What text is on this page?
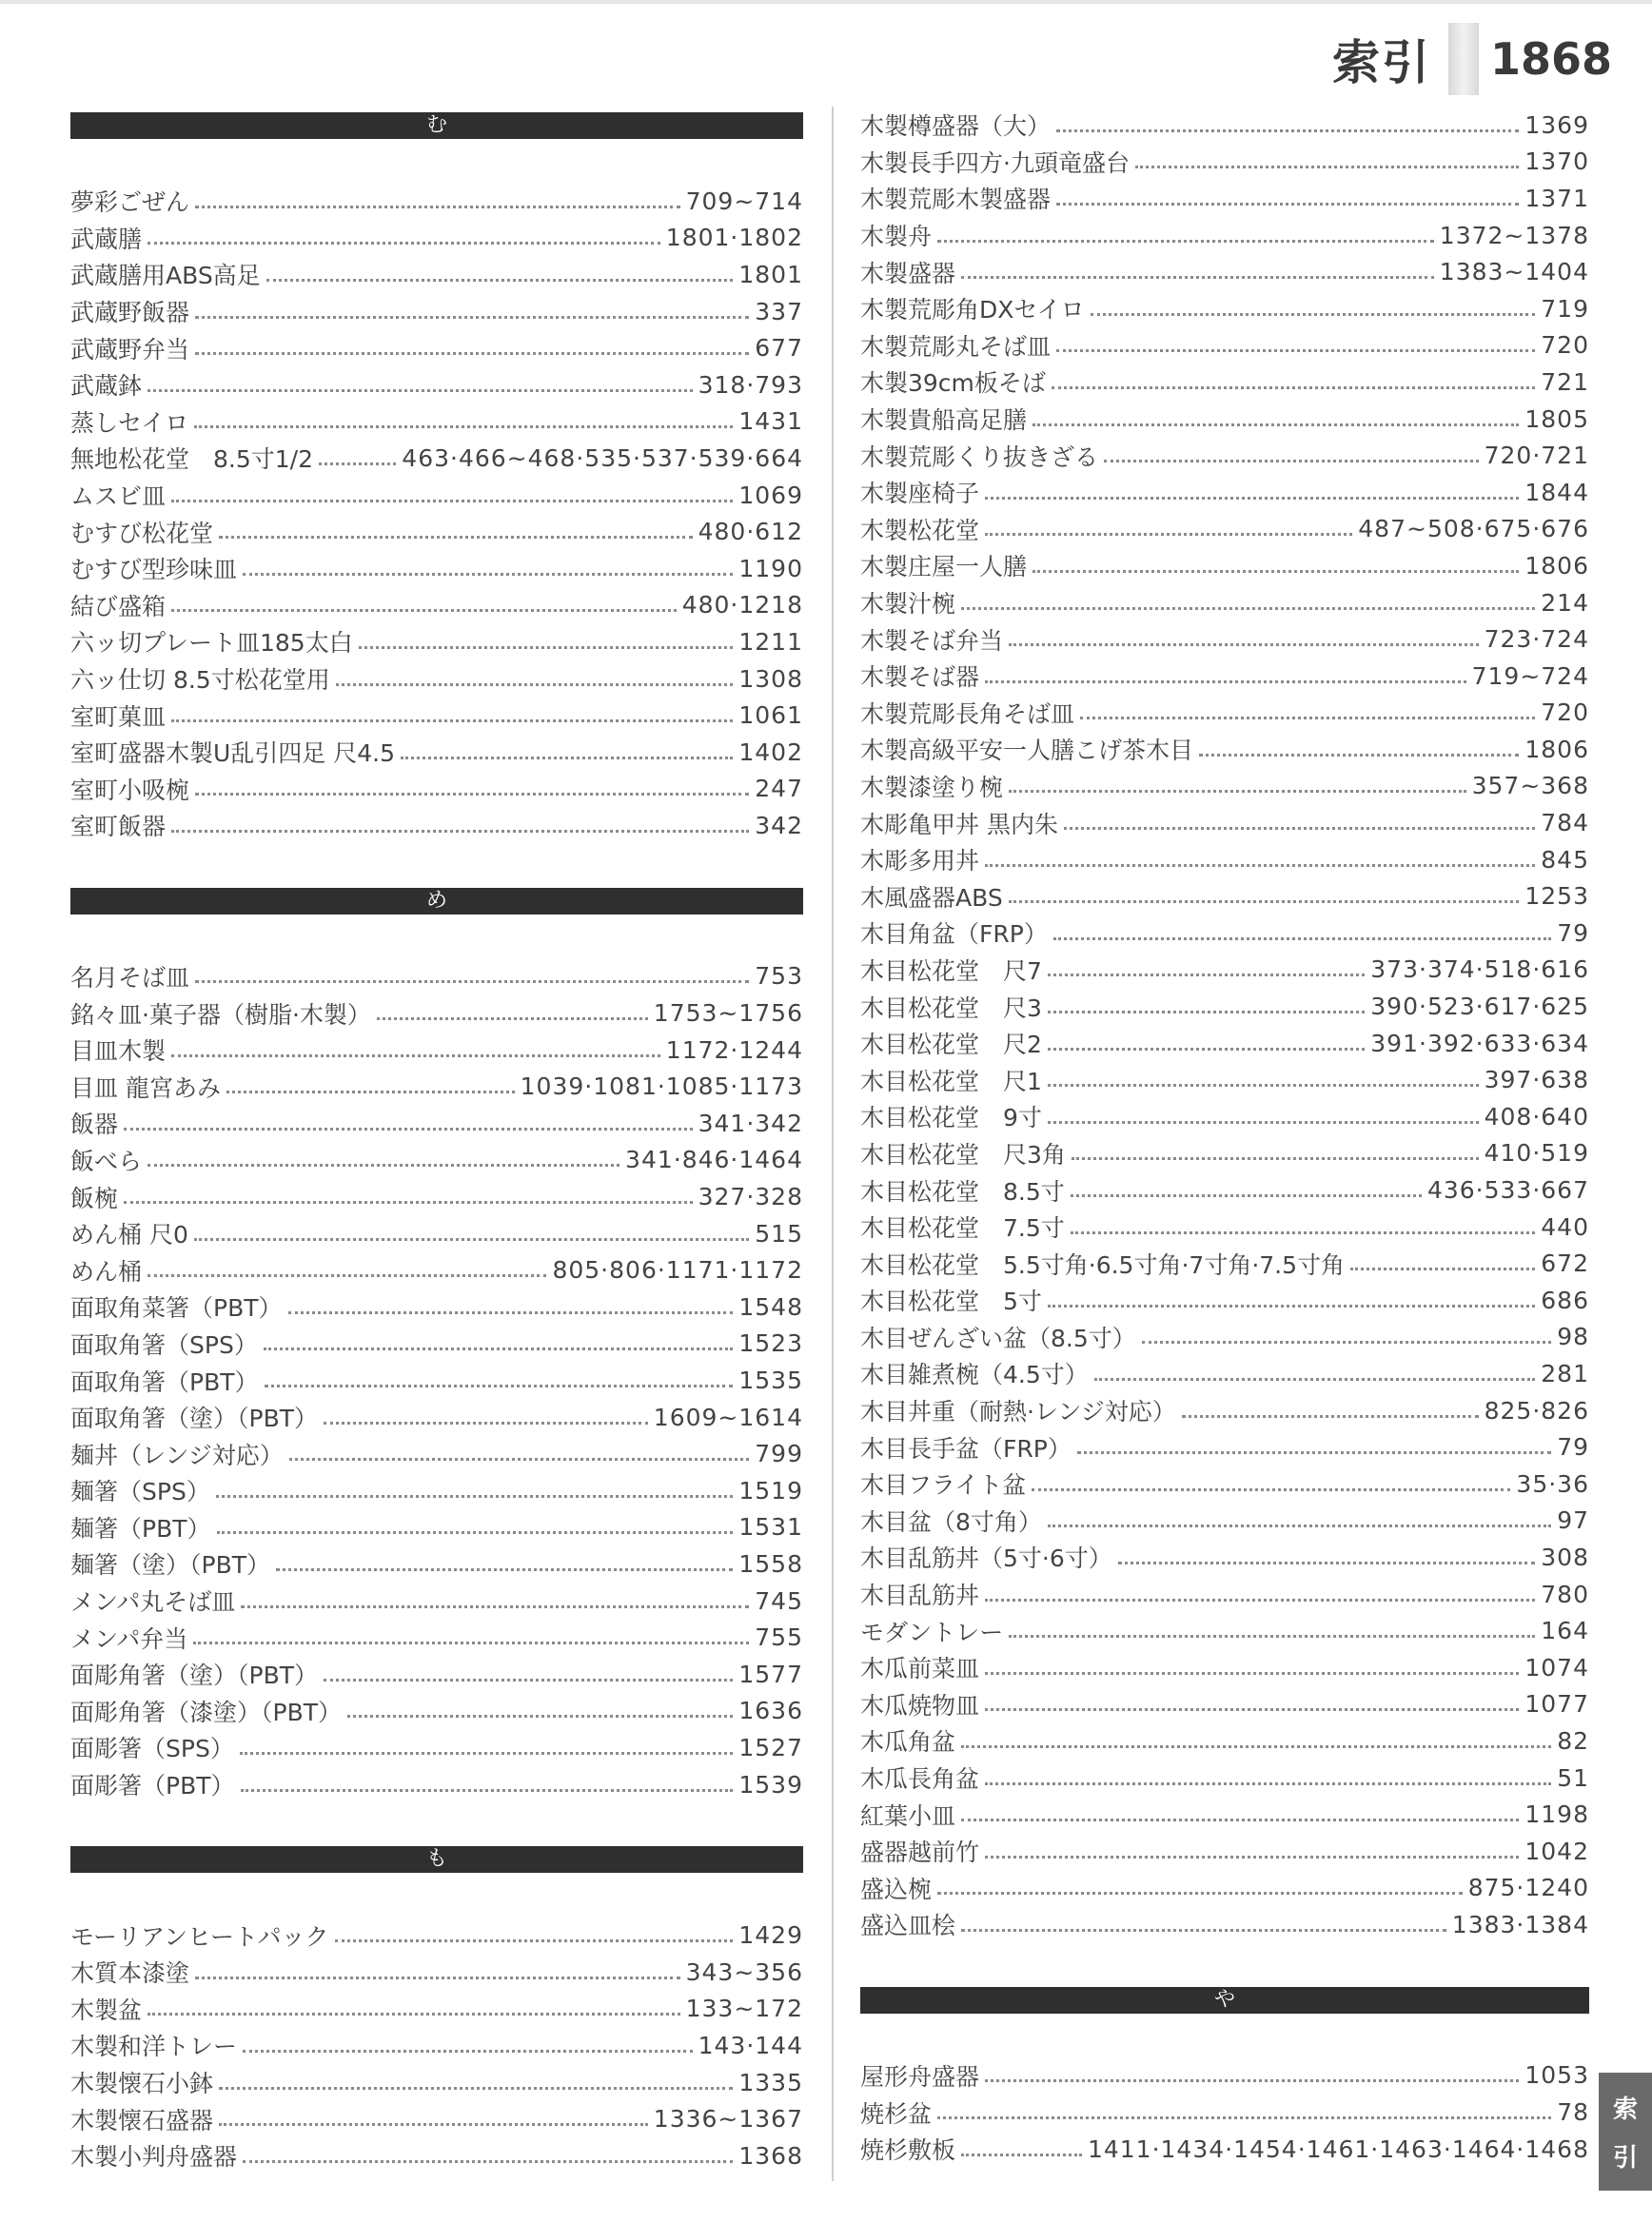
索引 1868
む
夢彩ごぜん	709~714
武蔵膳	1801·1802
武蔵膳用ABS高足	1801
武蔵野飯器	337
武蔵野弁当	677
武蔵鉢	318·793
蒸しセイロ	1431
無地松花堂　8.5寸1/2	463·466~468·535·537·539·664
ムスビ皿	1069
むすび松花堂	480·612
むすび型珍味皿	1190
結び盛箱	480·1218
六ッ切プレート皿185太白	1211
六ッ仕切 8.5寸松花堂用	1308
室町菓皿	1061
室町盛器木製U乱引四足 尺4.5	1402
室町小吸椀	247
室町飯器	342
め
名月そば皿	753
銘々皿·菓子器（樹脂·木製）	1753~1756
目皿木製	1172·1244
目皿 龍宮あみ	1039·1081·1085·1173
飯器	341·342
飯べら	341·846·1464
飯椀	327·328
めん桶 尺0	515
めん桶	805·806·1171·1172
面取角菜箸（PBT）	1548
面取角箸（SPS）	1523
面取角箸（PBT）	1535
面取角箸（塗）（PBT）	1609~1614
麺丼（レンジ対応）	799
麺箸（SPS）	1519
麺箸（PBT）	1531
麺箸（塗）（PBT）	1558
メンパ丸そば皿	745
メンパ弁当	755
面彫角箸（塗）（PBT）	1577
面彫角箸（漆塗）（PBT）	1636
面彫箸（SPS）	1527
面彫箸（PBT）	1539
も
モーリアンヒートパック	1429
木質本漆塗	343~356
木製盆	133~172
木製和洋トレー	143·144
木製懐石小鉢	1335
木製懐石盛器	1336~1367
木製小判舟盛器	1368
木製樽盛器（大）	1369
木製長手四方·九頭竜盛台	1370
木製荒彫木製盛器	1371
木製舟	1372~1378
木製盛器	1383~1404
木製荒彫角DXセイロ	719
木製荒彫丸そば皿	720
木製39cm板そば	721
木製貴船高足膳	1805
木製荒彫くり抜きざる	720·721
木製座椅子	1844
木製松花堂	487~508·675·676
木製庄屋一人膳	1806
木製汁椀	214
木製そば弁当	723·724
木製そば器	719~724
木製荒彫長角そば皿	720
木製高級平安一人膳こげ茶木目	1806
木製漆塗り椀	357~368
木彫亀甲丼 黒内朱	784
木彫多用丼	845
木風盛器ABS	1253
木目角盆（FRP）	79
木目松花堂　尺7	373·374·518·616
木目松花堂　尺3	390·523·617·625
木目松花堂　尺2	391·392·633·634
木目松花堂　尺1	397·638
木目松花堂　9寸	408·640
木目松花堂　尺3角	410·519
木目松花堂　8.5寸	436·533·667
木目松花堂　7.5寸	440
木目松花堂　5.5寸角·6.5寸角·7寸角·7.5寸角	672
木目松花堂　5寸	686
木目ぜんざい盆（8.5寸）	98
木目雑煮椀（4.5寸）	281
木目丼重（耐熱·レンジ対応）	825·826
木目長手盆（FRP）	79
木目フライト盆	35·36
木目盆（8寸角）	97
木目乱筋丼（5寸·6寸）	308
木目乱筋丼	780
モダントレー	164
木瓜前菜皿	1074
木瓜焼物皿	1077
木瓜角盆	82
木瓜長角盆	51
紅葉小皿	1198
盛器越前竹	1042
盛込椀	875·1240
盛込皿桧	1383·1384
や
屋形舟盛器	1053
焼杉盆	78
焼杉敷板	1411·1434·1454·1461·1463·1464·1468
索
引
